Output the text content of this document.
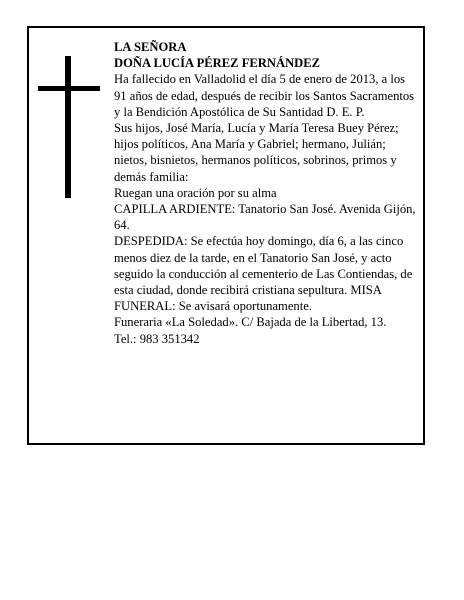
LA SEÑORA

DOÑA LUCÍA PÉREZ FERNÁNDEZ

Ha fallecido en Valladolid el día 5 de enero de 2013, a los 91 años de edad, después de recibir los Santos Sacramentos y la Bendición Apostólica de Su Santidad D. E. P.

Sus hijos, José María, Lucía y María Teresa Buey Pérez; hijos políticos, Ana María y Gabriel; hermano, Julián; nietos, bisnietos, hermanos políticos, sobrinos, primos y demás familia:

Ruegan una oración por su alma

CAPILLA ARDIENTE: Tanatorio San José. Avenida Gijón, 64.

DESPEDIDA: Se efectúa hoy domingo, día 6, a las cinco menos diez de la tarde, en el Tanatorio San José, y acto seguido la conducción al cementerio de Las Contiendas, de esta ciudad, donde recibirá cristiana sepultura. MISA FUNERAL: Se avisará oportunamente.

Funeraria «La Soledad». C/ Bajada de la Libertad, 13.

Tel.: 983 351342
